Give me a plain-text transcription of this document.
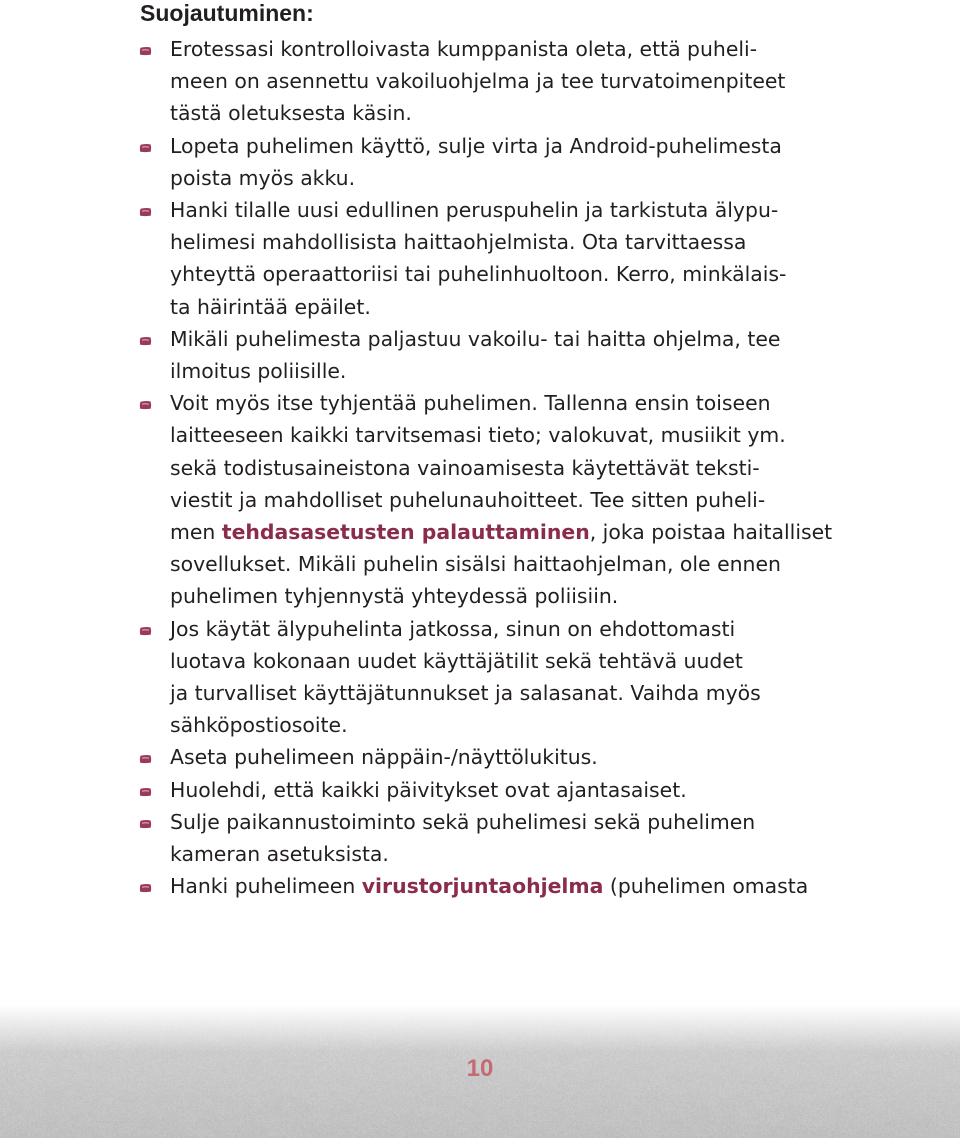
Suojautuminen:
Erotessasi kontrolloivasta kumppanista oleta, että puheli-
meen on asennettu vakoiluohjelma ja tee turvatoimenpiteet
tästä oletuksesta käsin.
Lopeta puhelimen käyttö, sulje virta ja Android-puhelimesta
poista myös akku.
Hanki tilalle uusi edullinen peruspuhelin ja tarkistuta älypu-
helimesi mahdollisista haittaohjelmista. Ota tarvittaessa
yhteyttä operaattoriisi tai puhelinhuoltoon. Kerro, minkälais-
ta häirintää epäilet.
Mikäli puhelimesta paljastuu vakoilu- tai haitta ohjelma, tee
ilmoitus poliisille.
Voit myös itse tyhjentää puhelimen. Tallenna ensin toiseen
laitteeseen kaikki tarvitsemasi tieto; valokuvat, musiikit ym.
sekä todistusaineistona vainoamisesta käytettävät teksti-
viestit ja mahdolliset puhelunauhoitteet. Tee sitten puheli-
men tehdasasetusten palauttaminen, joka poistaa haitalliset
sovellukset. Mikäli puhelin sisälsi haittaohjelman, ole ennen
puhelimen tyhjennystä yhteydessä poliisiin.
Jos käytät älypuhelinta jatkossa, sinun on ehdottomasti
luotava kokonaan uudet käyttäjätilit sekä tehtävä uudet
ja turvalliset käyttäjätunnukset ja salasanat. Vaihda myös
sähköpostiosoite.
Aseta puhelimeen näppäin-/näyttölukitus.
Huolehdi, että kaikki päivitykset ovat ajantasaiset.
Sulje paikannustoiminto sekä puhelimesi sekä puhelimen
kameran asetuksista.
Hanki puhelimeen virustorjuntaohjelma (puhelimen omasta
10
